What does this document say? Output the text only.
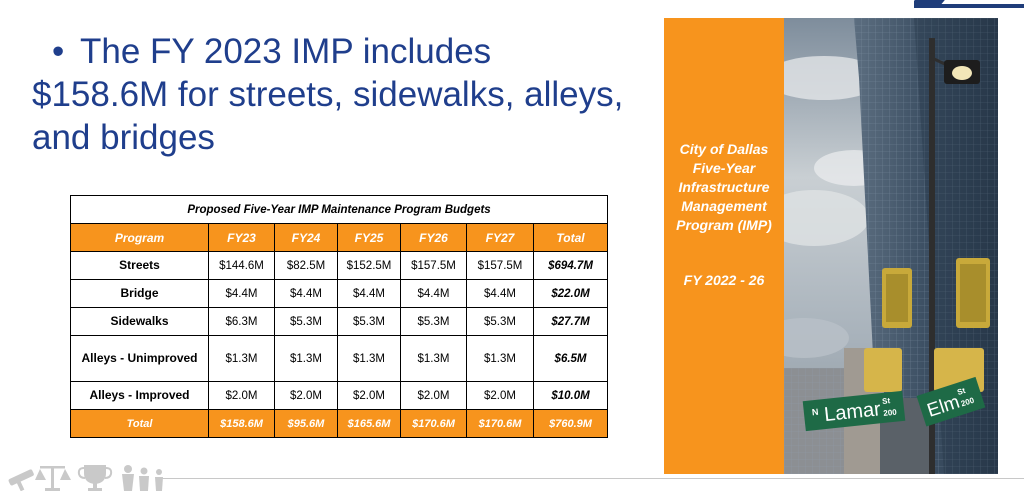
• The FY 2023 IMP includes $158.6M for streets, sidewalks, alleys, and bridges
Proposed Five-Year IMP Maintenance Program Budgets						
Program	FY23	FY24	FY25	FY26	FY27	Total
Streets	$144.6M	$82.5M	$152.5M	$157.5M	$157.5M	$694.7M
Bridge	$4.4M	$4.4M	$4.4M	$4.4M	$4.4M	$22.0M
Sidewalks	$6.3M	$5.3M	$5.3M	$5.3M	$5.3M	$27.7M
Alleys - Unimproved	$1.3M	$1.3M	$1.3M	$1.3M	$1.3M	$6.5M
Alleys - Improved	$2.0M	$2.0M	$2.0M	$2.0M	$2.0M	$10.0M
Total	$158.6M	$95.6M	$165.6M	$170.6M	$170.6M	$760.9M
City of Dallas
Five-Year
Infrastructure
Management
Program (IMP)
FY 2022 - 26
N Lamar St
200 Elm
St
200
